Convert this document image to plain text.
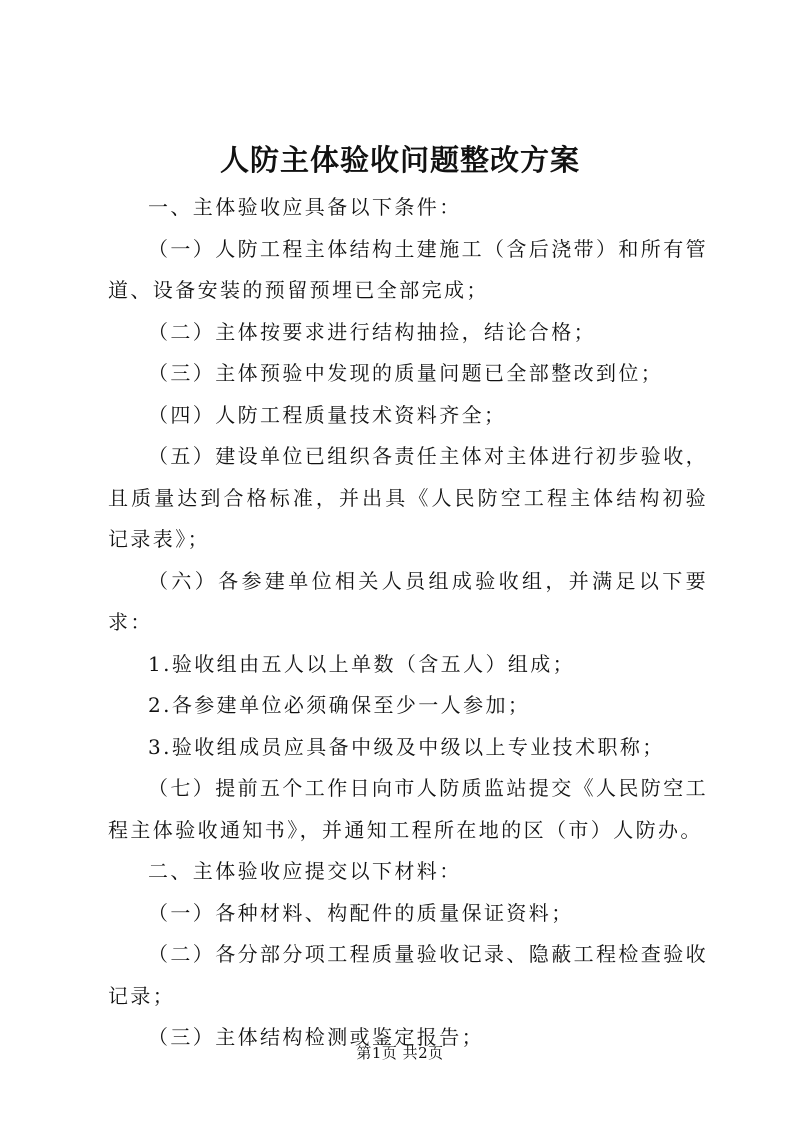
人防主体验收问题整改方案

一、主体验收应具备以下条件：

（一）人防工程主体结构土建施工（含后浇带）和所有管道、设备安装的预留预埋已全部完成；

（二）主体按要求进行结构抽捡，结论合格；

（三）主体预验中发现的质量问题已全部整改到位；

（四）人防工程质量技术资料齐全；

（五）建设单位已组织各责任主体对主体进行初步验收，且质量达到合格标准，并出具《人民防空工程主体结构初验记录表》；

（六）各参建单位相关人员组成验收组，并满足以下要求：

1.验收组由五人以上单数（含五人）组成；

2.各参建单位必须确保至少一人参加；

3.验收组成员应具备中级及中级以上专业技术职称；

（七）提前五个工作日向市人防质监站提交《人民防空工程主体验收通知书》，并通知工程所在地的区（市）人防办。

二、主体验收应提交以下材料：

（一）各种材料、构配件的质量保证资料；

（二）各分部分项工程质量验收记录、隐蔽工程检查验收记录；

（三）主体结构检测或鉴定报告；

第1页 共2页
